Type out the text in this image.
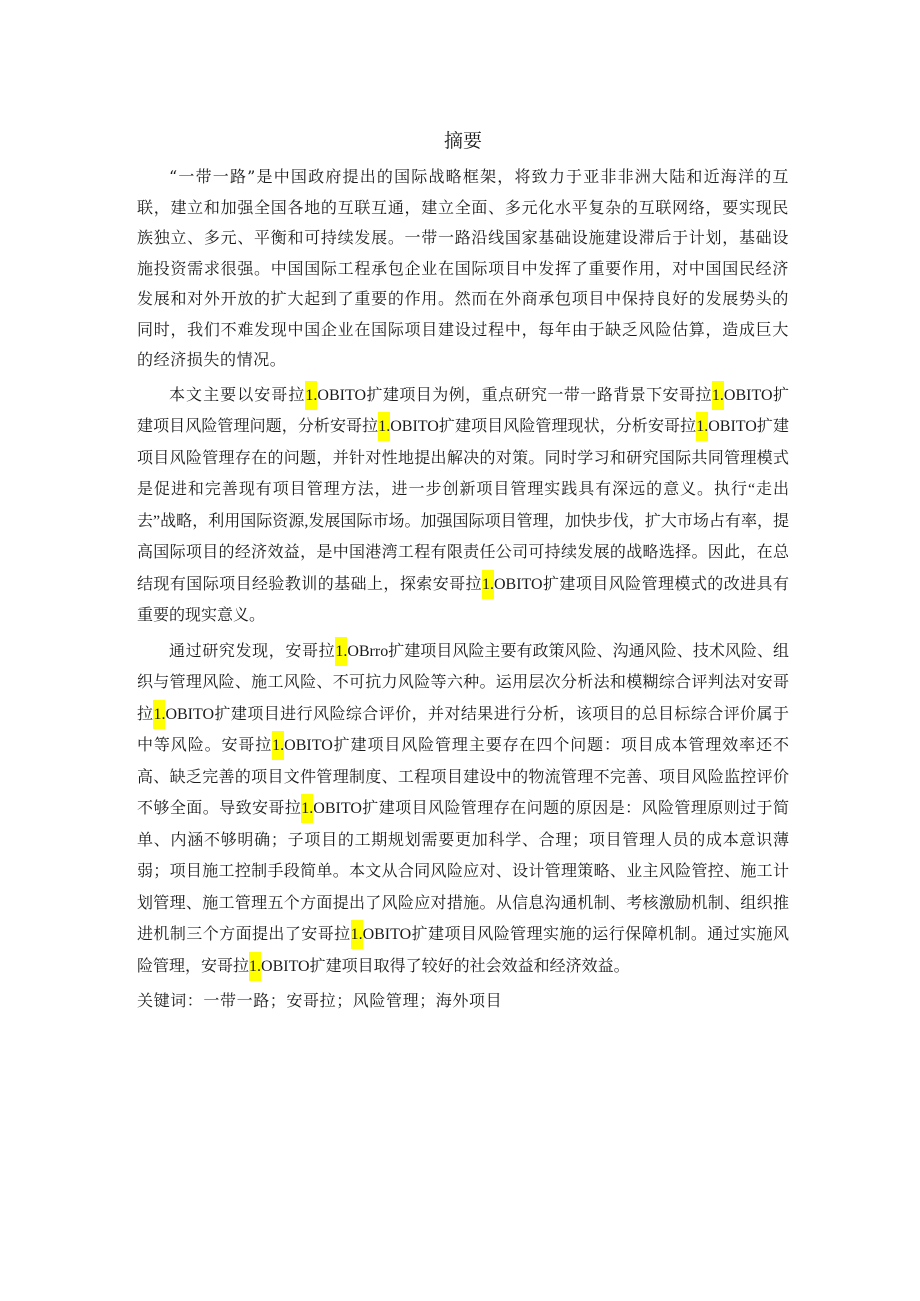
摘要

“一带一路”是中国政府提出的国际战略框架，将致力于亚非非洲大陆和近海洋的互联，建立和加强全国各地的互联互通，建立全面、多元化水平复杂的互联网络，要实现民族独立、多元、平衡和可持续发展。一带一路沿线国家基础设施建设滞后于计划，基础设施投资需求很强。中国国际工程承包企业在国际项目中发挥了重要作用，对中国国民经济发展和对外开放的扩大起到了重要的作用。然而在外商承包项目中保持良好的发展势头的同时，我们不难发现中国企业在国际项目建设过程中，每年由于缺乏风险估算，造成巨大的经济损失的情况。

本文主要以安哥拉1.OBITO扩建项目为例，重点研究一带一路背景下安哥拉1.OBITO扩建项目风险管理问题，分析安哥拉1.OBITO扩建项目风险管理现状，分析安哥拉1.OBITO扩建项目风险管理存在的问题，并针对性地提出解决的对策。同时学习和研究国际共同管理模式是促进和完善现有项目管理方法，进一步创新项目管理实践具有深远的意义。执行“走出去”战略，利用国际资源,发展国际市场。加强国际项目管理，加快步伐，扩大市场占有率，提高国际项目的经济效益，是中国港湾工程有限责任公司可持续发展的战略选择。因此，在总结现有国际项目经验教训的基础上，探索安哥拉1.OBITO扩建项目风险管理模式的改进具有重要的现实意义。

通过研究发现，安哥拉1.OBrro扩建项目风险主要有政策风险、沟通风险、技术风险、组织与管理风险、施工风险、不可抗力风险等六种。运用层次分析法和模糊综合评判法对安哥拉1.OBITO扩建项目进行风险综合评价，并对结果进行分析，该项目的总目标综合评价属于中等风险。安哥拉1.OBITO扩建项目风险管理主要存在四个问题：项目成本管理效率还不高、缺乏完善的项目文件管理制度、工程项目建设中的物流管理不完善、项目风险监控评价不够全面。导致安哥拉1.OBITO扩建项目风险管理存在问题的原因是：风险管理原则过于简单、内涵不够明确；子项目的工期规划需要更加科学、合理；项目管理人员的成本意识薄弱；项目施工控制手段简单。本文从合同风险应对、设计管理策略、业主风险管控、施工计划管理、施工管理五个方面提出了风险应对措施。从信息沟通机制、考核激励机制、组织推进机制三个方面提出了安哥拉1.OBITO扩建项目风险管理实施的运行保障机制。通过实施风险管理，安哥拉1.OBITO扩建项目取得了较好的社会效益和经济效益。

关键词：一带一路；安哥拉；风险管理；海外项目
